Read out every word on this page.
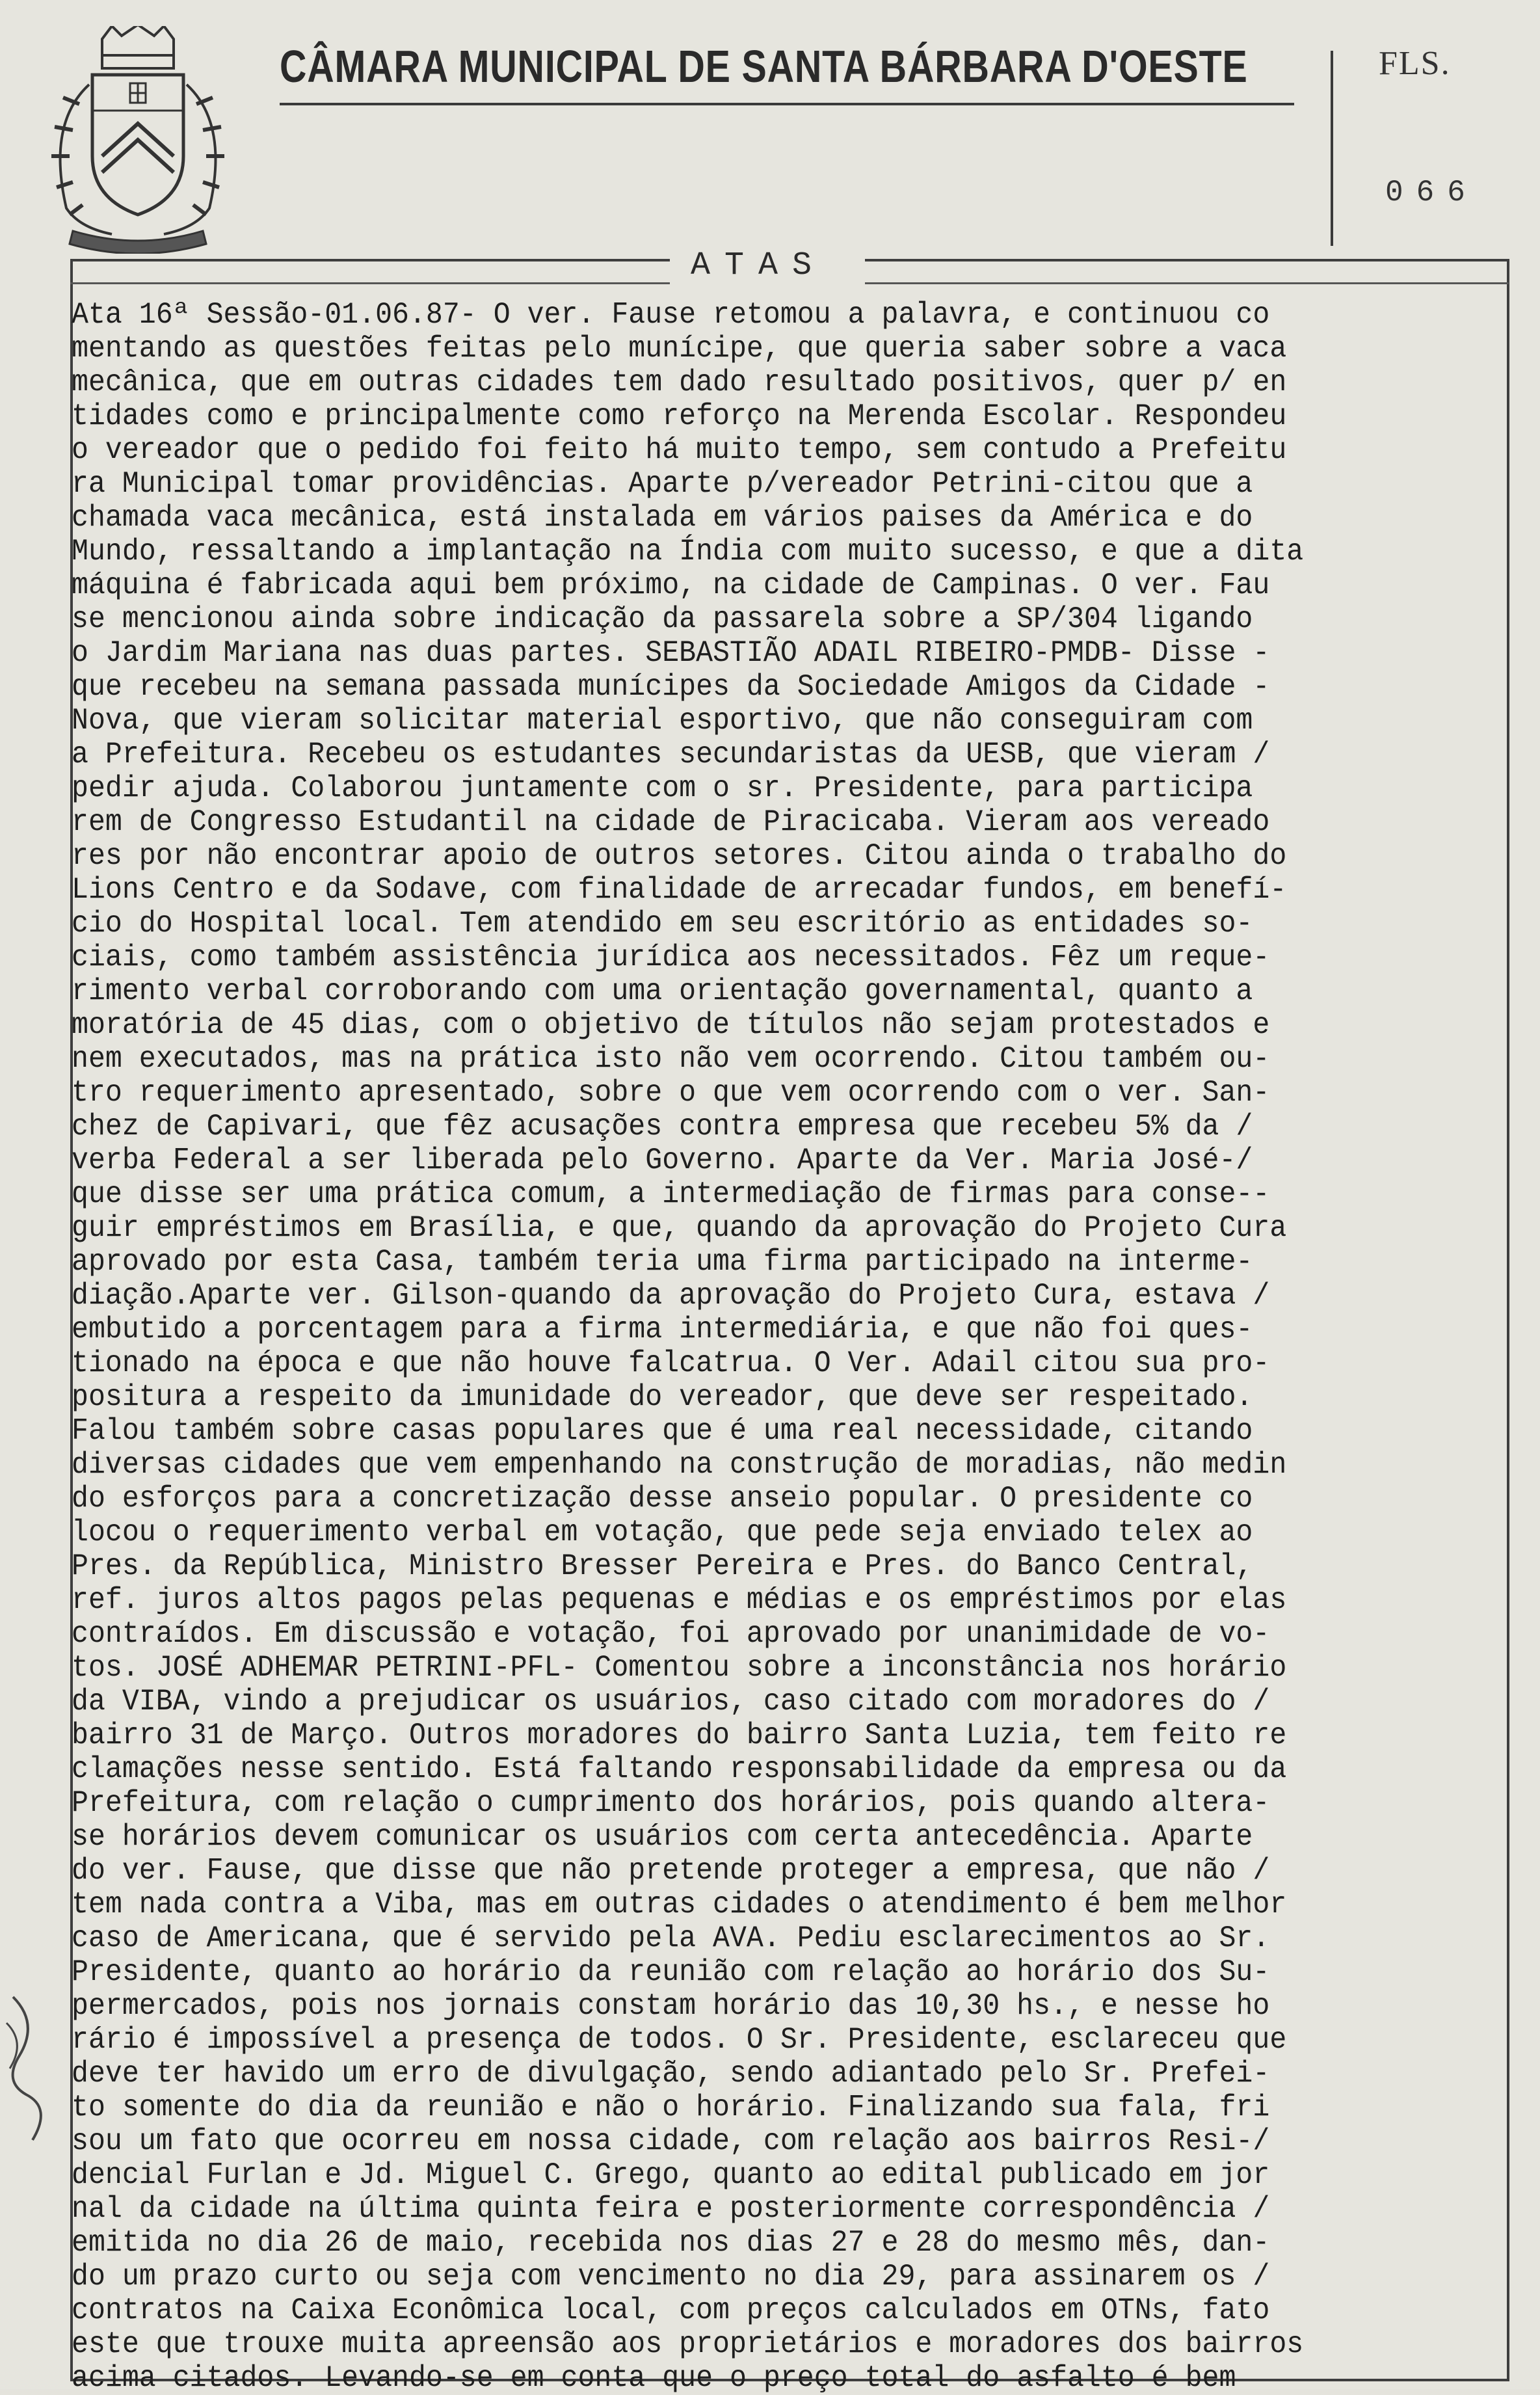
CÂMARA MUNICIPAL DE SANTA BÁRBARA D'OESTE	FLS.
066
ATAS
Ata 16ª Sessão-01.06.87- O ver. Fause retomou a palavra, e continuou co
mentando as questões feitas pelo munícipe, que queria saber sobre a vaca
mecânica, que em outras cidades tem dado resultado positivos, quer p/ en
tidades como e principalmente como reforço na Merenda Escolar. Respondeu
o vereador que o pedido foi feito há muito tempo, sem contudo a Prefeitu
ra Municipal tomar providências. Aparte p/vereador Petrini-citou que a
chamada vaca mecânica, está instalada em vários paises da América e do
Mundo, ressaltando a implantação na Índia com muito sucesso, e que a dita
máquina é fabricada aqui bem próximo, na cidade de Campinas. O ver. Fau
se mencionou ainda sobre indicação da passarela sobre a SP/304 ligando
o Jardim Mariana nas duas partes. SEBASTIÃO ADAIL RIBEIRO-PMDB- Disse -
que recebeu na semana passada munícipes da Sociedade Amigos da Cidade -
Nova, que vieram solicitar material esportivo, que não conseguiram com
a Prefeitura. Recebeu os estudantes secundaristas da UESB, que vieram /
pedir ajuda. Colaborou juntamente com o sr. Presidente, para participa
rem de Congresso Estudantil na cidade de Piracicaba. Vieram aos vereado
res por não encontrar apoio de outros setores. Citou ainda o trabalho do
Lions Centro e da Sodave, com finalidade de arrecadar fundos, em benefí-
cio do Hospital local. Tem atendido em seu escritório as entidades so-
ciais, como também assistência jurídica aos necessitados. Fêz um reque-
rimento verbal corroborando com uma orientação governamental, quanto a
moratória de 45 dias, com o objetivo de títulos não sejam protestados e
nem executados, mas na prática isto não vem ocorrendo. Citou também ou-
tro requerimento apresentado, sobre o que vem ocorrendo com o ver. San-
chez de Capivari, que fêz acusações contra empresa que recebeu 5% da /
verba Federal a ser liberada pelo Governo. Aparte da Ver. Maria José-/
que disse ser uma prática comum, a intermediação de firmas para conse--
guir empréstimos em Brasília, e que, quando da aprovação do Projeto Cura
aprovado por esta Casa, também teria uma firma participado na interme-
diação.Aparte ver. Gilson-quando da aprovação do Projeto Cura, estava /
embutido a porcentagem para a firma intermediária, e que não foi ques-
tionado na época e que não houve falcatrua. O Ver. Adail citou sua pro-
positura a respeito da imunidade do vereador, que deve ser respeitado.
Falou também sobre casas populares que é uma real necessidade, citando
diversas cidades que vem empenhando na construção de moradias, não medin
do esforços para a concretização desse anseio popular. O presidente co
locou o requerimento verbal em votação, que pede seja enviado telex ao
Pres. da República, Ministro Bresser Pereira e Pres. do Banco Central,
ref. juros altos pagos pelas pequenas e médias e os empréstimos por elas
contraídos. Em discussão e votação, foi aprovado por unanimidade de vo-
tos. JOSÉ ADHEMAR PETRINI-PFL- Comentou sobre a inconstância nos horário
da VIBA, vindo a prejudicar os usuários, caso citado com moradores do /
bairro 31 de Março. Outros moradores do bairro Santa Luzia, tem feito re
clamações nesse sentido. Está faltando responsabilidade da empresa ou da
Prefeitura, com relação o cumprimento dos horários, pois quando altera-
se horários devem comunicar os usuários com certa antecedência. Aparte
do ver. Fause, que disse que não pretende proteger a empresa, que não /
tem nada contra a Viba, mas em outras cidades o atendimento é bem melhor
caso de Americana, que é servido pela AVA. Pediu esclarecimentos ao Sr.
Presidente, quanto ao horário da reunião com relação ao horário dos Su-
permercados, pois nos jornais constam horário das 10,30 hs., e nesse ho
rário é impossível a presença de todos. O Sr. Presidente, esclareceu que
deve ter havido um erro de divulgação, sendo adiantado pelo Sr. Prefei-
to somente do dia da reunião e não o horário. Finalizando sua fala, fri
sou um fato que ocorreu em nossa cidade, com relação aos bairros Resi-/
dencial Furlan e Jd. Miguel C. Grego, quanto ao edital publicado em jor
nal da cidade na última quinta feira e posteriormente correspondência /
emitida no dia 26 de maio, recebida nos dias 27 e 28 do mesmo mês, dan-
do um prazo curto ou seja com vencimento no dia 29, para assinarem os /
contratos na Caixa Econômica local, com preços calculados em OTNs, fato
este que trouxe muita apreensão aos proprietários e moradores dos bairros
acima citados. Levando-se em conta que o preço total do asfalto é bem
